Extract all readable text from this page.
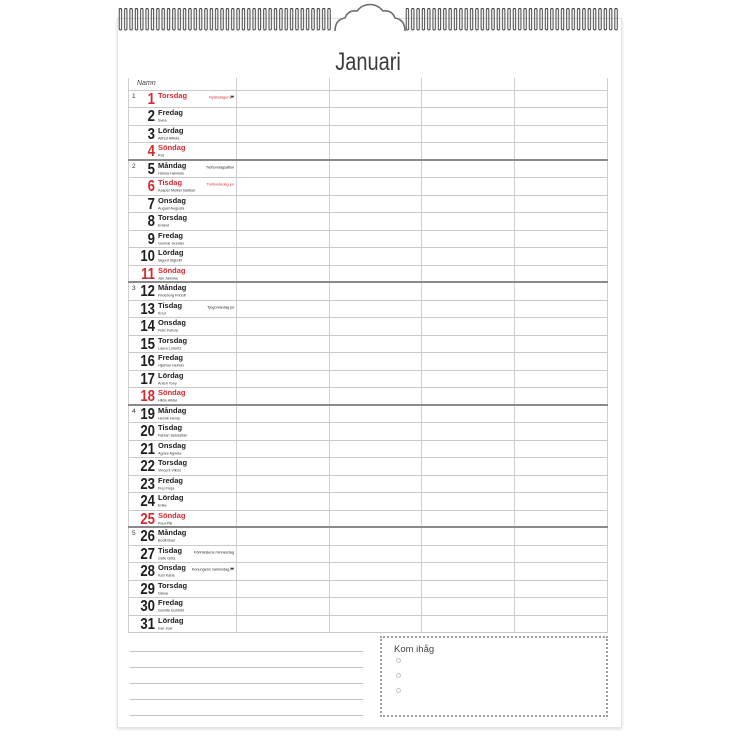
Januari
Namn
1 1 Torsdag	Nyårsdagen
2 Fredag
Svea
3 Lördag
Alfred Alfrida
4 Söndag
Rut
2 5 Måndag
Hanna Hannele
Trettondagsafton
6 Tisdag
Kasper Melker Baltsar
Trettondedag jul
7 Onsdag
August Augusta
8 Torsdag
Erland
9 Fredag
Gunnar Gunder
10 Lördag
Sigurd Sigbritt
11 Söndag
Jan Jannike
3 12 Måndag
Frideborg Fridolf
13 Tisdag
Knut
Tjugondedag jul
14 Onsdag
Felix Felicia
15 Torsdag
Laura Lorentz
16 Fredag
Hjalmar Helmer
17 Lördag
Anton Tony
18 Söndag
Hilda Hildur
4 19 Måndag
Henrik Henry
20 Tisdag
Fabian Sebastian
21 Onsdag
Agnes Agneta
22 Torsdag
Vincent Viktor
23 Fredag
Frej Freja
24 Lördag
Erika
25 Söndag
Paul Pål
5 26 Måndag
Bodil Boel
27 Tisdag
Göte Göta
Förintelsens minnesdag
28 Onsdag
Karl Karla
Konungens namnsdag
29 Torsdag
Diana
30 Fredag
Gunilla Gunhild
31 Lördag
Ivar Joar
Kom ihåg
